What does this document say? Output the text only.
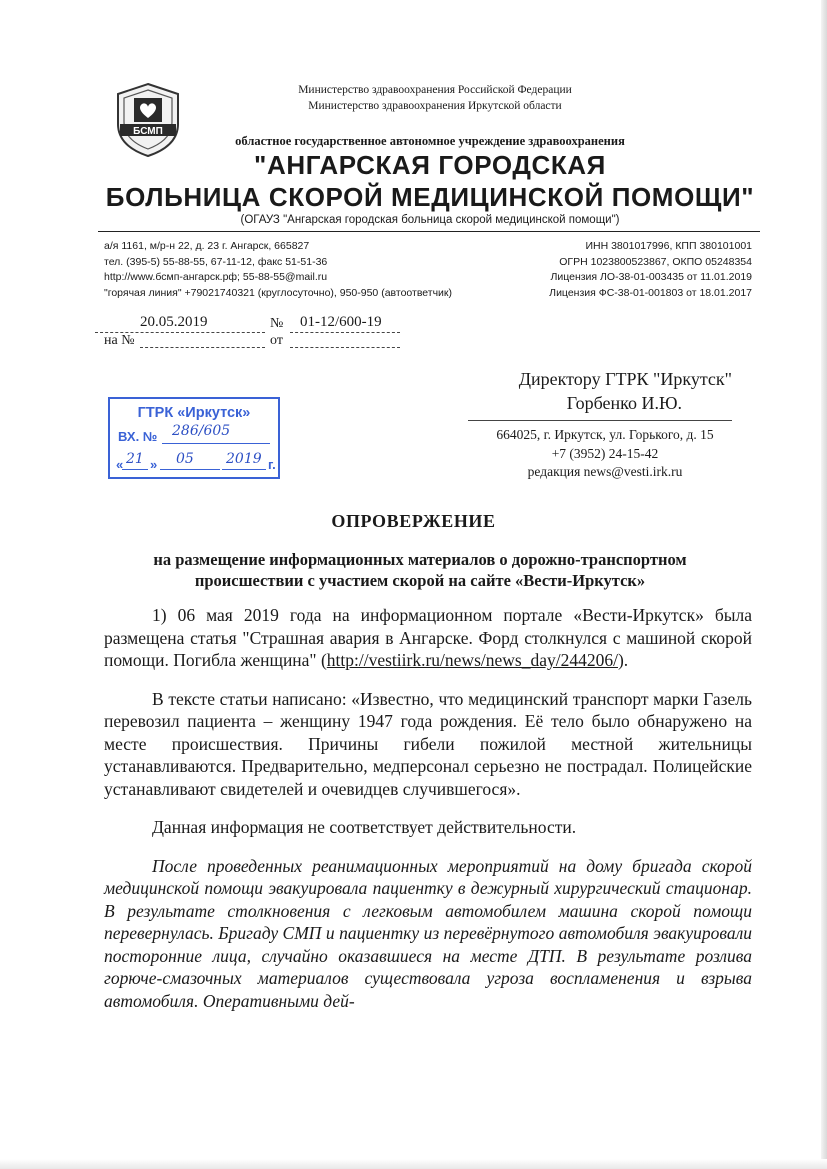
БСМП
Министерство здравоохранения Российской Федерации
Министерство здравоохранения Иркутской области
областное государственное автономное учреждение здравоохранения
"АНГАРСКАЯ ГОРОДСКАЯ
БОЛЬНИЦА СКОРОЙ МЕДИЦИНСКОЙ ПОМОЩИ"
(ОГАУЗ "Ангарская городская больница скорой медицинской помощи")
а/я 1161, м/р-н 22, д. 23 г. Ангарск, 665827
тел. (395-5) 55-88-55, 67-11-12, факс 51-51-36
http://www.бсмп-ангарск.рф; 55-88-55@mail.ru
"горячая линия" +79021740321 (круглосуточно), 950-950 (автоответчик)
ИНН 3801017996, КПП 380101001
ОГРН 1023800523867, ОКПО 05248354
Лицензия ЛО-38-01-003435 от 11.01.2019
Лицензия ФС-38-01-001803 от 18.01.2017
20.05.2019	№ 01-12/600-19
на №	от
ГТРК «Иркутск»
ВХ. № 286/605
« 21 » 05 2019 г.
Директору ГТРК "Иркутск"
Горбенко И.Ю.
664025, г. Иркутск, ул. Горького, д. 15
+7 (3952) 24-15-42
редакция news@vesti.irk.ru
ОПРОВЕРЖЕНИЕ
на размещение информационных материалов о дорожно-транспортном происшествии с участием скорой на сайте «Вести-Иркутск»

1) 06 мая 2019 года на информационном портале «Вести-Иркутск» была размещена статья "Страшная авария в Ангарске. Форд столкнулся с машиной скорой помощи. Погибла женщина" (http://vestiirk.ru/news/news_day/244206/).

В тексте статьи написано: «Известно, что медицинский транспорт марки Газель перевозил пациента – женщину 1947 года рождения. Её тело было обнаружено на месте происшествия. Причины гибели пожилой местной жительницы устанавливаются. Предварительно, медперсонал серьезно не пострадал. Полицейские устанавливают свидетелей и очевидцев случившегося».

Данная информация не соответствует действительности.

После проведенных реанимационных мероприятий на дому бригада скорой медицинской помощи эвакуировала пациентку в дежурный хирургический стационар. В результате столкновения с легковым автомобилем машина скорой помощи перевернулась. Бригаду СМП и пациентку из перевёрнутого автомобиля эвакуировали посторонние лица, случайно оказавшиеся на месте ДТП. В результате розлива горюче-смазочных материалов существовала угроза воспламенения и взрыва автомобиля. Оперативными дей-
